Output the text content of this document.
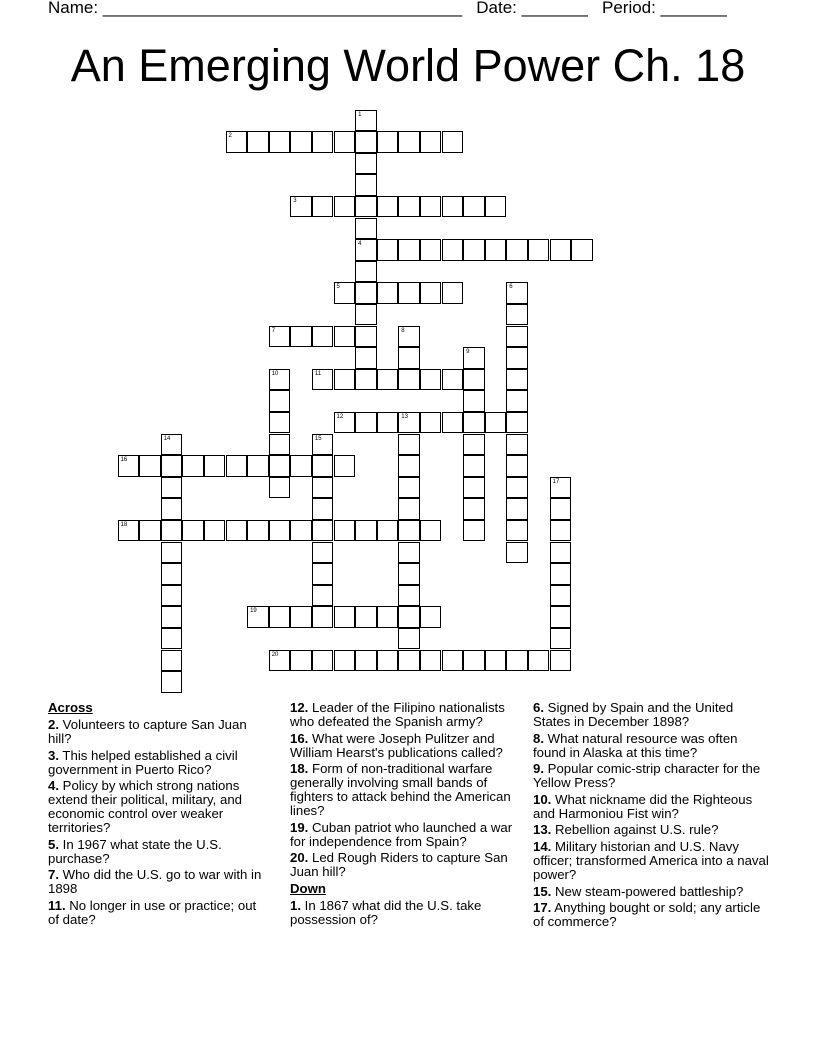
Name: ______________________________________ Date: _______ Period: _______
An Emerging World Power Ch. 18
1
4
2
3
5	6
7	8
9
10	11
12	13
14	15
16
17
18
19
20
Across
2. Volunteers to capture San Juan hill?
3. This helped established a civil government in Puerto Rico?
4. Policy by which strong nations extend their political, military, and economic control over weaker territories?
5. In 1967 what state the U.S. purchase?
7. Who did the U.S. go to war with in 1898
11. No longer in use or practice; out of date?
12. Leader of the Filipino nationalists who defeated the Spanish army?
16. What were Joseph Pulitzer and William Hearst's publications called?
18. Form of non-traditional warfare generally involving small bands of fighters to attack behind the American lines?
19. Cuban patriot who launched a war for independence from Spain?
20. Led Rough Riders to capture San Juan hill?
Down
1. In 1867 what did the U.S. take possession of?
6. Signed by Spain and the United States in December 1898?
8. What natural resource was often found in Alaska at this time?
9. Popular comic-strip character for the Yellow Press?
10. What nickname did the Righteous and Harmoniou Fist win?
13. Rebellion against U.S. rule?
14. Military historian and U.S. Navy officer; transformed America into a naval power?
15. New steam-powered battleship?
17. Anything bought or sold; any article of commerce?
